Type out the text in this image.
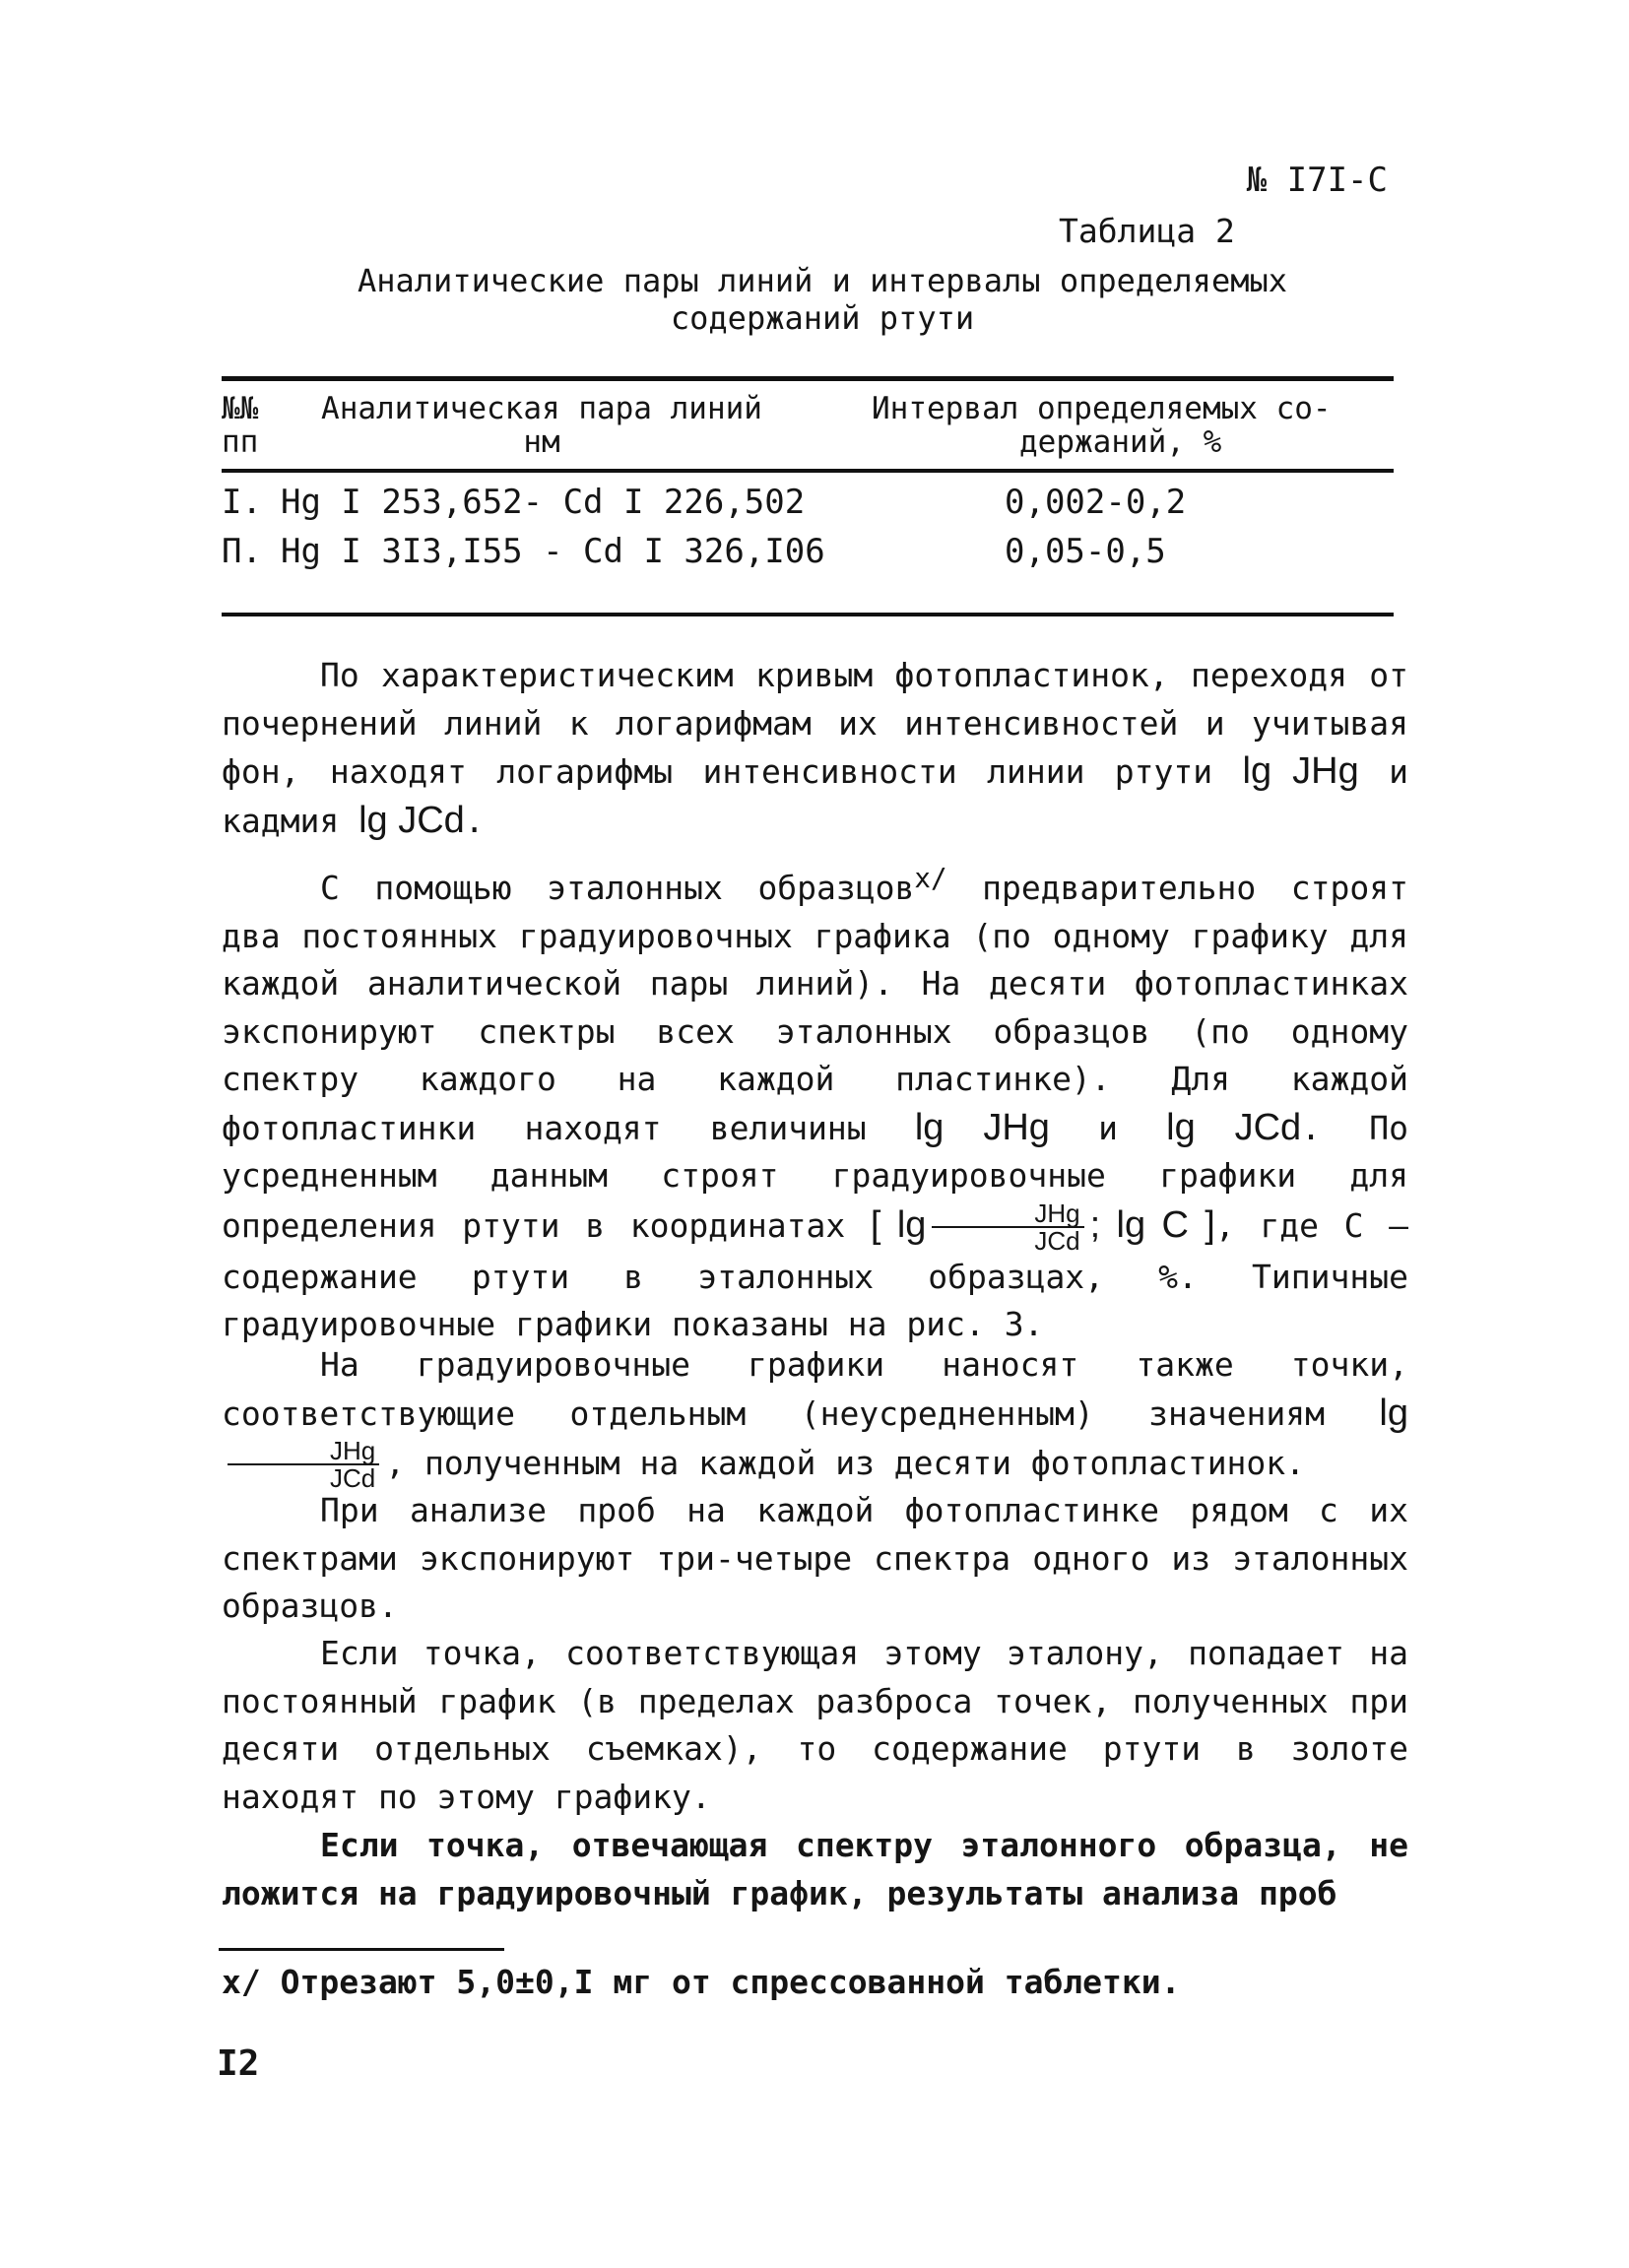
№ I7I-С
Таблица 2
Аналитические пары линий и интервалы определяемых
содержаний ртути
№№
пп
Аналитическая пара линий
нм
Интервал определяемых со-
держаний, %
I. Hg I 253,652- Cd I 226,502	0,002-0,2
П. Hg I 3I3,I55 - Cd I 326,I06	0,05-0,5

По характеристическим кривым фотопластинок, переходя от почернений линий к логарифмам их интенсивностей и учитывая фон, находят логарифмы интенсивности линии ртути lg JHg и кадмия lg JCd.

С помощью эталонных образцов$^{х/}$ предварительно строят два постоянных градуировочных графика (по одному графику для каждой аналитической пары линий). На десяти фотопластинках экспонируют спектры всех эталонных образцов (по одному спектру каждого на каждой пластинке). Для каждой фотопластинки находят величины lg JHg и lg JCd. По усредненным данным строят градуировочные графики для определения ртути в координатах [ $\lg \frac{\text{JHg}}{\text{JCd}}$ ; lg C ], где С – содержание ртути в эталонных образцах, %. Типичные градуировочные графики показаны на рис. 3.

На градуировочные графики наносят также точки, соответствующие отдельным (неусредненным) значениям lg
$\frac{\text{JHg}}{\text{JCd}}$ , полученным на каждой из десяти фотопластинок.

При анализе проб на каждой фотопластинке рядом с их спектрами экспонируют три-четыре спектра одного из эталонных образцов.

Если точка, соответствующая этому эталону, попадает на постоянный график (в пределах разброса точек, полученных при десяти отдельных съемках), то содержание ртути в золоте находят по этому графику.

Если точка, отвечающая спектру эталонного образца, не ложится на градуировочный график, результаты анализа проб

х/ Отрезают 5,0±0,I мг от спрессованной таблетки.
I2
